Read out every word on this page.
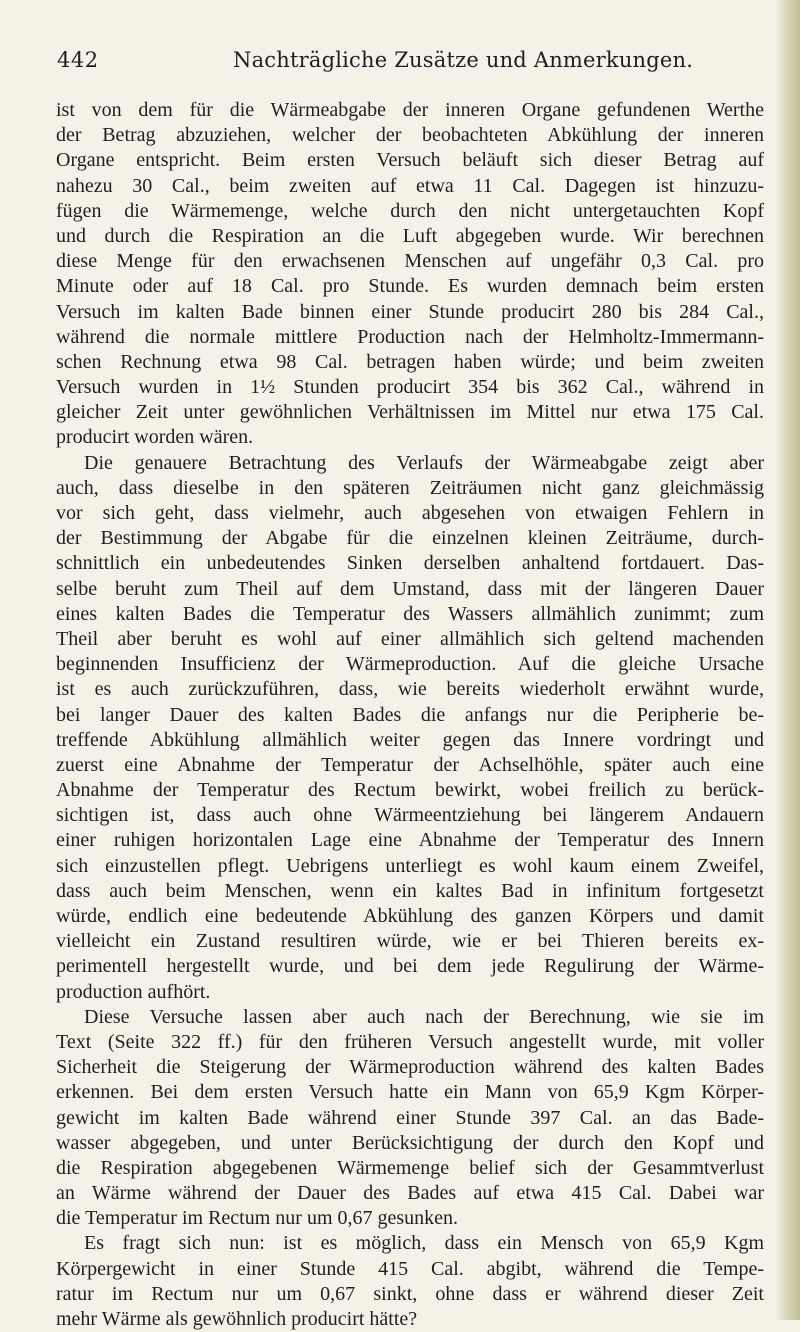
442	Nachträgliche Zusätze und Anmerkungen.
ist von dem für die Wärmeabgabe der inneren Organe gefundenen Werthe
der Betrag abzuziehen, welcher der beobachteten Abkühlung der inneren
Organe entspricht. Beim ersten Versuch beläuft sich dieser Betrag auf
nahezu 30 Cal., beim zweiten auf etwa 11 Cal. Dagegen ist hinzuzu-
fügen die Wärmemenge, welche durch den nicht untergetauchten Kopf
und durch die Respiration an die Luft abgegeben wurde. Wir berechnen
diese Menge für den erwachsenen Menschen auf ungefähr 0,3 Cal. pro
Minute oder auf 18 Cal. pro Stunde. Es wurden demnach beim ersten
Versuch im kalten Bade binnen einer Stunde producirt 280 bis 284 Cal.,
während die normale mittlere Production nach der Helmholtz-Immermann-
schen Rechnung etwa 98 Cal. betragen haben würde; und beim zweiten
Versuch wurden in 1½ Stunden producirt 354 bis 362 Cal., während in
gleicher Zeit unter gewöhnlichen Verhältnissen im Mittel nur etwa 175 Cal.
producirt worden wären.
Die genauere Betrachtung des Verlaufs der Wärmeabgabe zeigt aber
auch, dass dieselbe in den späteren Zeiträumen nicht ganz gleichmässig
vor sich geht, dass vielmehr, auch abgesehen von etwaigen Fehlern in
der Bestimmung der Abgabe für die einzelnen kleinen Zeiträume, durch-
schnittlich ein unbedeutendes Sinken derselben anhaltend fortdauert. Das-
selbe beruht zum Theil auf dem Umstand, dass mit der längeren Dauer
eines kalten Bades die Temperatur des Wassers allmählich zunimmt; zum
Theil aber beruht es wohl auf einer allmählich sich geltend machenden
beginnenden Insufficienz der Wärmeproduction. Auf die gleiche Ursache
ist es auch zurückzuführen, dass, wie bereits wiederholt erwähnt wurde,
bei langer Dauer des kalten Bades die anfangs nur die Peripherie be-
treffende Abkühlung allmählich weiter gegen das Innere vordringt und
zuerst eine Abnahme der Temperatur der Achselhöhle, später auch eine
Abnahme der Temperatur des Rectum bewirkt, wobei freilich zu berück-
sichtigen ist, dass auch ohne Wärmeentziehung bei längerem Andauern
einer ruhigen horizontalen Lage eine Abnahme der Temperatur des Innern
sich einzustellen pflegt. Uebrigens unterliegt es wohl kaum einem Zweifel,
dass auch beim Menschen, wenn ein kaltes Bad in infinitum fortgesetzt
würde, endlich eine bedeutende Abkühlung des ganzen Körpers und damit
vielleicht ein Zustand resultiren würde, wie er bei Thieren bereits ex-
perimentell hergestellt wurde, und bei dem jede Regulirung der Wärme-
production aufhört.
Diese Versuche lassen aber auch nach der Berechnung, wie sie im
Text (Seite 322 ff.) für den früheren Versuch angestellt wurde, mit voller
Sicherheit die Steigerung der Wärmeproduction während des kalten Bades
erkennen. Bei dem ersten Versuch hatte ein Mann von 65,9 Kgm Körper-
gewicht im kalten Bade während einer Stunde 397 Cal. an das Bade-
wasser abgegeben, und unter Berücksichtigung der durch den Kopf und
die Respiration abgegebenen Wärmemenge belief sich der Gesammtverlust
an Wärme während der Dauer des Bades auf etwa 415 Cal. Dabei war
die Temperatur im Rectum nur um 0,67 gesunken.
Es fragt sich nun: ist es möglich, dass ein Mensch von 65,9 Kgm
Körpergewicht in einer Stunde 415 Cal. abgibt, während die Tempe-
ratur im Rectum nur um 0,67 sinkt, ohne dass er während dieser Zeit
mehr Wärme als gewöhnlich producirt hätte?
